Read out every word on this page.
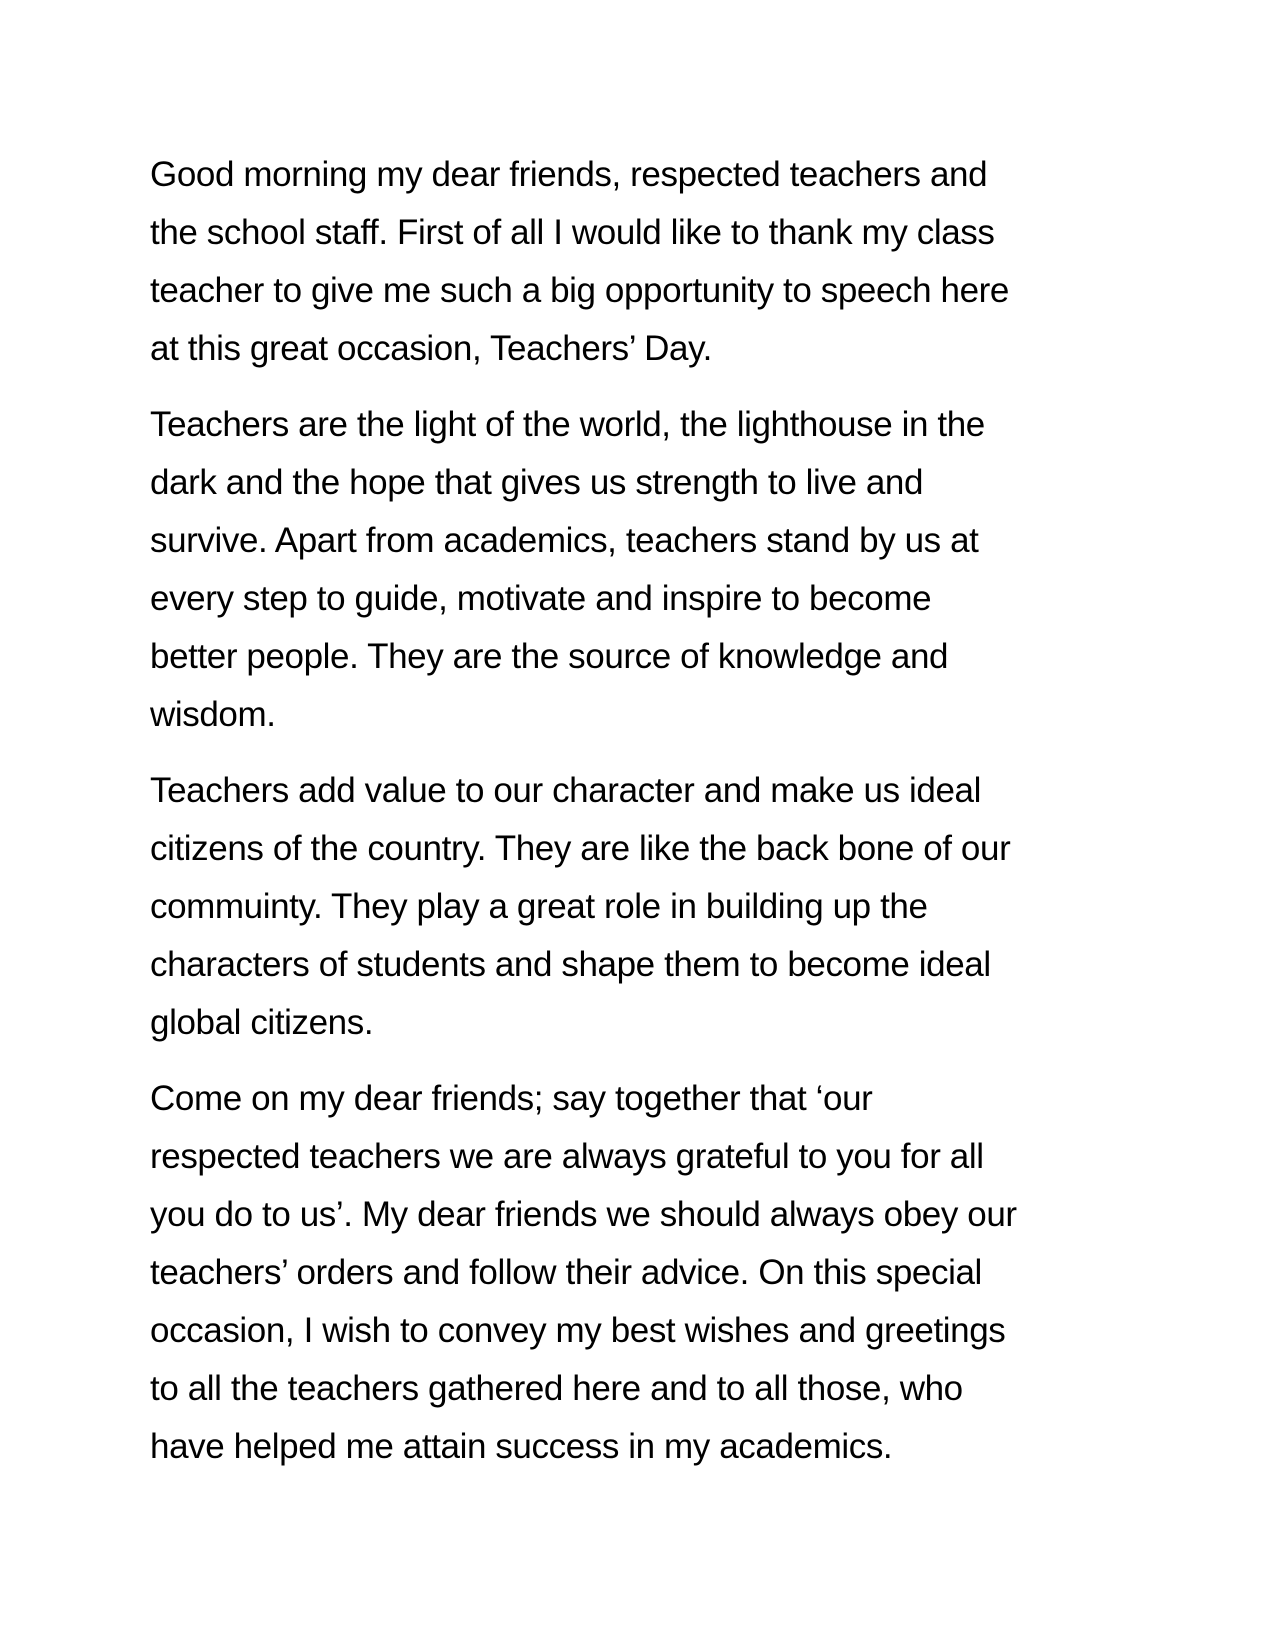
Good morning my dear friends, respected teachers and
the school staff. First of all I would like to thank my class
teacher to give me such a big opportunity to speech here
at this great occasion, Teachers’ Day.

Teachers are the light of the world, the lighthouse in the
dark and the hope that gives us strength to live and
survive. Apart from academics, teachers stand by us at
every step to guide, motivate and inspire to become
better people. They are the source of knowledge and
wisdom.

Teachers add value to our character and make us ideal
citizens of the country. They are like the back bone of our
commuinty. They play a great role in building up the
characters of students and shape them to become ideal
global citizens.

Come on my dear friends; say together that ‘our
respected teachers we are always grateful to you for all
you do to us’. My dear friends we should always obey our
teachers’ orders and follow their advice. On this special
occasion, I wish to convey my best wishes and greetings
to all the teachers gathered here and to all those, who
have helped me attain success in my academics.
